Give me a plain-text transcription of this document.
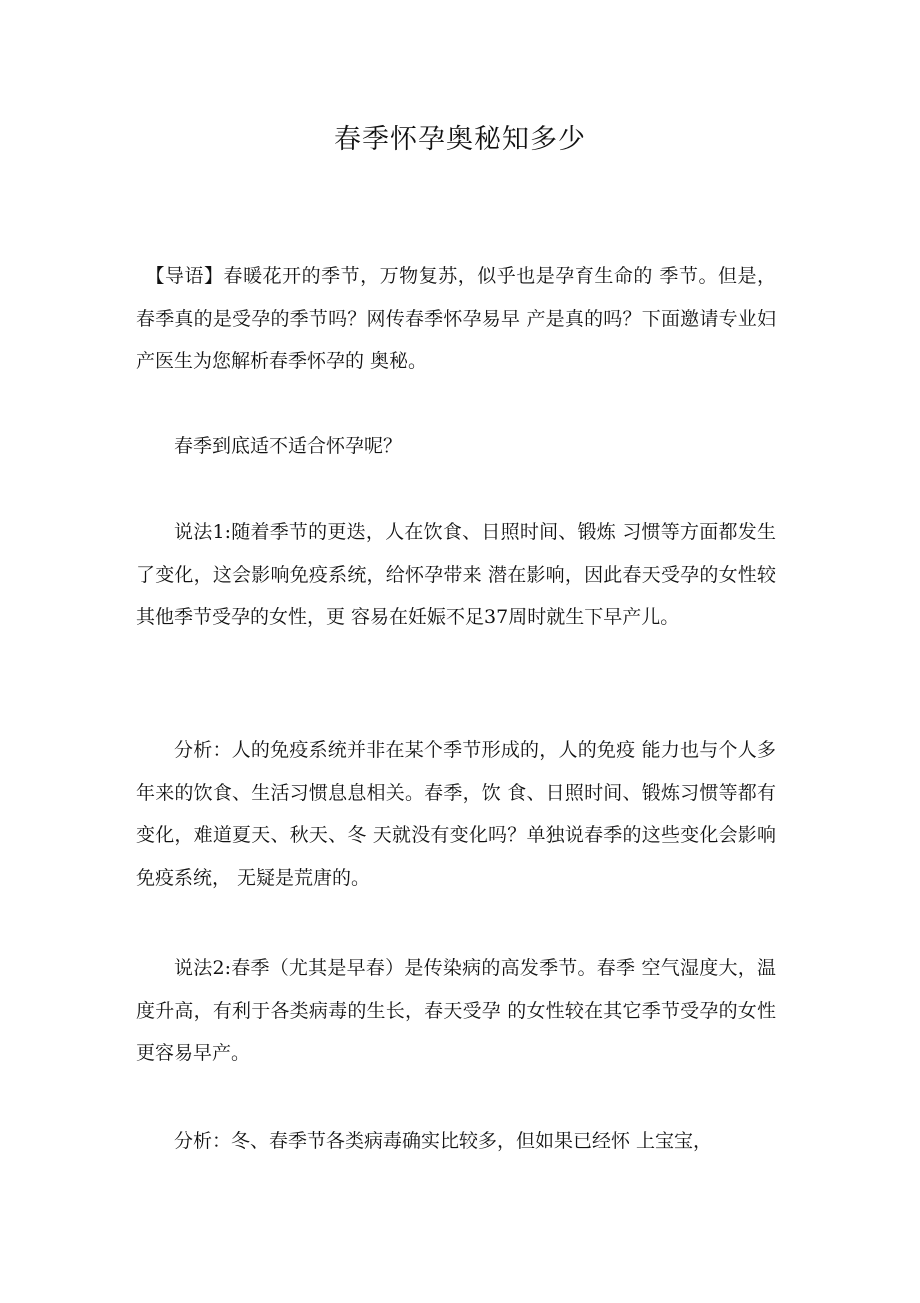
春季怀孕奥秘知多少

【导语】春暖花开的季节，万物复苏，似乎也是孕育生命的 季节。但是，春季真的是受孕的季节吗？网传春季怀孕易早 产是真的吗？下面邀请专业妇产医生为您解析春季怀孕的 奥秘。

春季到底适不适合怀孕呢？

说法1:随着季节的更迭，人在饮食、日照时间、锻炼 习惯等方面都发生了变化，这会影响免疫系统，给怀孕带来 潜在影响，因此春天受孕的女性较其他季节受孕的女性，更 容易在妊娠不足37周时就生下早产儿。

分析：人的免疫系统并非在某个季节形成的，人的免疫 能力也与个人多年来的饮食、生活习惯息息相关。春季，饮 食、日照时间、锻炼习惯等都有变化，难道夏天、秋天、冬 天就没有变化吗？单独说春季的这些变化会影响免疫系统， 无疑是荒唐的。

说法2:春季（尤其是早春）是传染病的高发季节。春季 空气湿度大，温度升高，有利于各类病毒的生长，春天受孕 的女性较在其它季节受孕的女性更容易早产。

分析：冬、春季节各类病毒确实比较多，但如果已经怀 上宝宝，
